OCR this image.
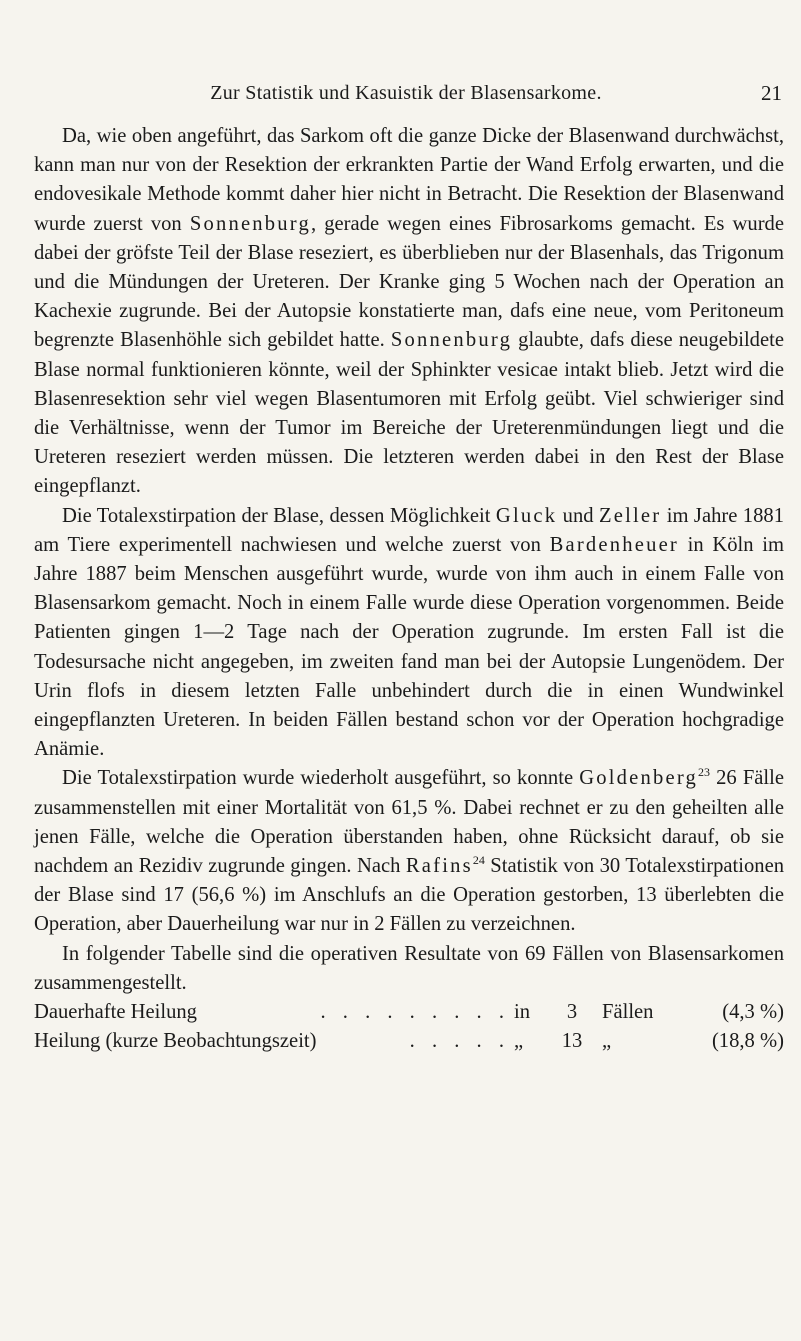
Zur Statistik und Kasuistik der Blasensarkome.	21

Da, wie oben angeführt, das Sarkom oft die ganze Dicke der Blasenwand durchwächst, kann man nur von der Resektion der erkrankten Partie der Wand Erfolg erwarten, und die endovesikale Methode kommt daher hier nicht in Betracht. Die Resektion der Blasenwand wurde zuerst von Sonnenburg, gerade wegen eines Fibrosarkoms gemacht. Es wurde dabei der gröfste Teil der Blase reseziert, es überblieben nur der Blasenhals, das Trigonum und die Mündungen der Ureteren. Der Kranke ging 5 Wochen nach der Operation an Kachexie zugrunde. Bei der Autopsie konstatierte man, dafs eine neue, vom Peritoneum begrenzte Blasenhöhle sich gebildet hatte. Sonnenburg glaubte, dafs diese neugebildete Blase normal funktionieren könnte, weil der Sphinkter vesicae intakt blieb. Jetzt wird die Blasenresektion sehr viel wegen Blasentumoren mit Erfolg geübt. Viel schwieriger sind die Verhältnisse, wenn der Tumor im Bereiche der Ureterenmündungen liegt und die Ureteren reseziert werden müssen. Die letzteren werden dabei in den Rest der Blase eingepflanzt.

Die Totalexstirpation der Blase, dessen Möglichkeit Gluck und Zeller im Jahre 1881 am Tiere experimentell nachwiesen und welche zuerst von Bardenheuer in Köln im Jahre 1887 beim Menschen ausgeführt wurde, wurde von ihm auch in einem Falle von Blasensarkom gemacht. Noch in einem Falle wurde diese Operation vorgenommen. Beide Patienten gingen 1—2 Tage nach der Operation zugrunde. Im ersten Fall ist die Todesursache nicht angegeben, im zweiten fand man bei der Autopsie Lungenödem. Der Urin flofs in diesem letzten Falle unbehindert durch die in einen Wundwinkel eingepflanzten Ureteren. In beiden Fällen bestand schon vor der Operation hochgradige Anämie.

Die Totalexstirpation wurde wiederholt ausgeführt, so konnte Goldenberg$^{23}$ 26 Fälle zusammenstellen mit einer Mortalität von 61,5 %. Dabei rechnet er zu den geheilten alle jenen Fälle, welche die Operation überstanden haben, ohne Rücksicht darauf, ob sie nachdem an Rezidiv zugrunde gingen. Nach Rafins$^{24}$ Statistik von 30 Totalexstirpationen der Blase sind 17 (56,6 %) im Anschlufs an die Operation gestorben, 13 überlebten die Operation, aber Dauerheilung war nur in 2 Fällen zu verzeichnen.

In folgender Tabelle sind die operativen Resultate von 69 Fällen von Blasensarkomen zusammengestellt.

Dauerhafte Heilung	. . . . . . . . . in	3	Fällen	(4,3 %)
Heilung (kurze Beobachtungszeit)	. . . . . „	13 „	(18,8 %)
